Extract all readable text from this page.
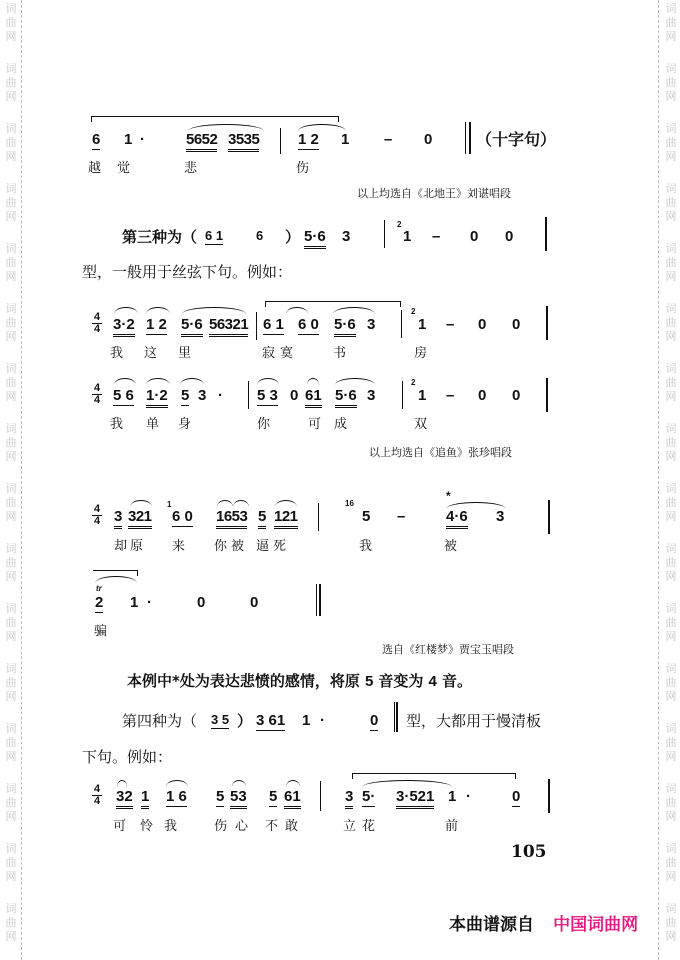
词
曲
网
词
曲
网
词
曲
网
词
曲
网
词
曲
网
词
曲
网
词
曲
网
词
曲
网
词
曲
网
词
曲
网
词
曲
网
词
曲
网
词
曲
网
词
曲
网
词
曲
网
词
曲
网
词
曲
网
词
曲
网
词
曲
网
词
曲
网
词
曲
网
词
曲
网
词
曲
网
词
曲
网
词
曲
网
词
曲
网
词
曲
网
词
曲
网
词
曲
网
词
曲
网
词
曲
网
词
曲
网
6 1 ·	5652 3535	1 2 1 – 0	（十字句）
越 觉	悲	伤
以上均选自《北地王》刘谌唱段
第三种为（ 6 1	6 ） 5·6 3
2
1 – 0 0
型，一般用于丝弦下句。例如：
4
4 3·2 1 2 5·6 56321 6 1 6 0 5·6 3
2
1 – 0 0
我 这 里	寂 寞	书	房
4
4 5 6 1·2 5 3 · 5 3 0 61 5·6 3
2
1 – 0 0
我 单 身	你	可 成	双
以上均选自《追鱼》张珍唱段
4
4 3 321
1
6 0 1653 5 121
16
5 –
*
4·6 3
却 原 来 你 被 逼 死	我	被
tr
2 1 ·	0	0
骗
选自《红楼梦》贾宝玉唱段
本例中*处为表达悲愤的感情，将原 5 音变为 4 音。
第四种为（ 3 5 ） 3 61 1 ·	0 型，大都用于慢清板
下句。例如：
4
4 32 1 1 6 5 53 5 61	3 5· 3·521 1 ·	0
可 怜 我	伤 心 不 敢	立 花	前
105
本曲谱源自 中国词曲网
